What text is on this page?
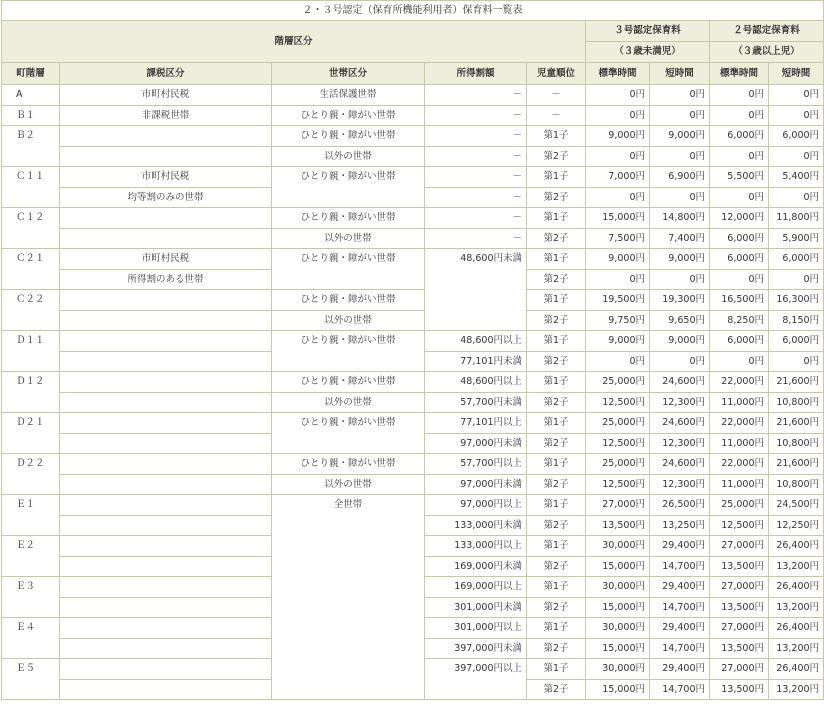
２・３号認定（保育所機能利用者）保育料一覧表								
階層区分					３号認定保育料		２号認定保育料	
					（３歳未満児）		（３歳以上児）	
町階層	課税区分	世帯区分	所得割額	児童順位	標準時間	短時間	標準時間	短時間
A	市町村民税	生活保護世帯	－	－	0円	0円	0円	0円
Ｂ１	非課税世帯	ひとり親・障がい世帯	－	－	0円	0円	0円	0円
Ｂ２		ひとり親・障がい世帯	－	第1子	9,000円	9,000円	6,000円	6,000円
		以外の世帯	－	第2子	0円	0円	0円	0円
Ｃ１１	市町村民税	ひとり親・障がい世帯	－	第1子	7,000円	6,900円	5,500円	5,400円
	均等割のみの世帯		－	第2子	0円	0円	0円	0円
Ｃ１２		ひとり親・障がい世帯	－	第1子	15,000円	14,800円	12,000円	11,800円
		以外の世帯	－	第2子	7,500円	7,400円	6,000円	5,900円
Ｃ２１	市町村民税	ひとり親・障がい世帯	48,600円未満	第1子	9,000円	9,000円	6,000円	6,000円
	所得割のある世帯			第2子	0円	0円	0円	0円
Ｃ２２		ひとり親・障がい世帯		第1子	19,500円	19,300円	16,500円	16,300円
		以外の世帯		第2子	9,750円	9,650円	8,250円	8,150円
Ｄ１１		ひとり親・障がい世帯	48,600円以上	第1子	9,000円	9,000円	6,000円	6,000円
			77,101円未満	第2子	0円	0円	0円	0円
Ｄ１２		ひとり親・障がい世帯	48,600円以上	第1子	25,000円	24,600円	22,000円	21,600円
		以外の世帯	57,700円未満	第2子	12,500円	12,300円	11,000円	10,800円
Ｄ２１		ひとり親・障がい世帯	77,101円以上	第1子	25,000円	24,600円	22,000円	21,600円
			97,000円未満	第2子	12,500円	12,300円	11,000円	10,800円
Ｄ２２		ひとり親・障がい世帯	57,700円以上	第1子	25,000円	24,600円	22,000円	21,600円
		以外の世帯	97,000円未満	第2子	12,500円	12,300円	11,000円	10,800円
Ｅ１		全世帯	97,000円以上	第1子	27,000円	26,500円	25,000円	24,500円
			133,000円未満	第2子	13,500円	13,250円	12,500円	12,250円
Ｅ２			133,000円以上	第1子	30,000円	29,400円	27,000円	26,400円
			169,000円未満	第2子	15,000円	14,700円	13,500円	13,200円
Ｅ３			169,000円以上	第1子	30,000円	29,400円	27,000円	26,400円
			301,000円未満	第2子	15,000円	14,700円	13,500円	13,200円
Ｅ４			301,000円以上	第1子	30,000円	29,400円	27,000円	26,400円
			397,000円未満	第2子	15,000円	14,700円	13,500円	13,200円
Ｅ５			397,000円以上	第1子	30,000円	29,400円	27,000円	26,400円
				第2子	15,000円	14,700円	13,500円	13,200円
